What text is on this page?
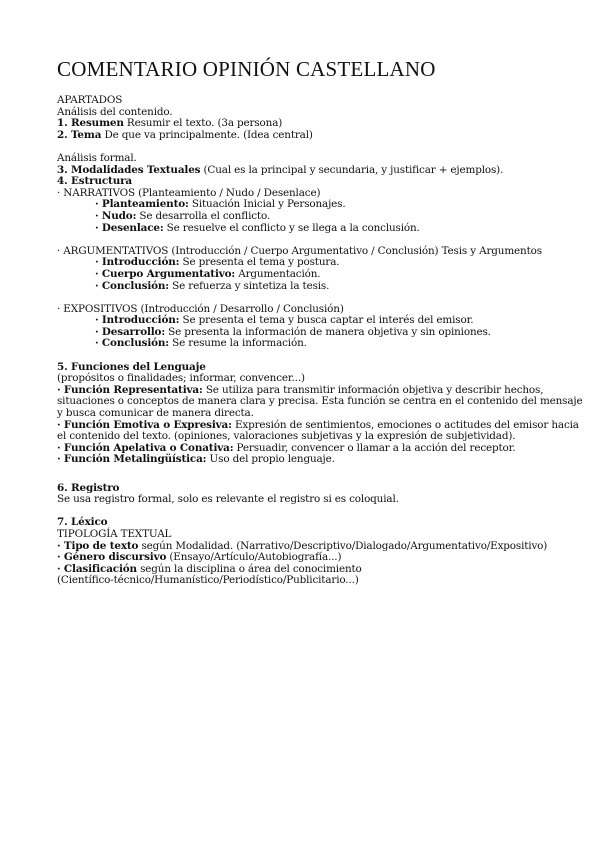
COMENTARIO OPINIÓN CASTELLANO
APARTADOS
Análisis del contenido.
1. Resumen Resumir el texto. (3a persona)
2. Tema De que va principalmente. (Idea central)
Análisis formal.
3. Modalidades Textuales (Cual es la principal y secundaria, y justificar + ejemplos).
4. Estructura
· NARRATIVOS (Planteamiento / Nudo / Desenlace)
· Planteamiento: Situación Inicial y Personajes.
· Nudo: Se desarrolla el conflicto.
· Desenlace: Se resuelve el conflicto y se llega a la conclusión.
· ARGUMENTATIVOS (Introducción / Cuerpo Argumentativo / Conclusión) Tesis y Argumentos
· Introducción: Se presenta el tema y postura.
· Cuerpo Argumentativo: Argumentación.
· Conclusión: Se refuerza y sintetiza la tesis.
· EXPOSITIVOS (Introducción / Desarrollo / Conclusión)
· Introducción: Se presenta el tema y busca captar el interés del emisor.
· Desarrollo: Se presenta la información de manera objetiva y sin opiniones.
· Conclusión: Se resume la información.
5. Funciones del Lenguaje
(propósitos o finalidades; informar, convencer...)
· Función Representativa: Se utiliza para transmitir información objetiva y describir hechos, situaciones o conceptos de manera clara y precisa. Esta función se centra en el contenido del mensaje y busca comunicar de manera directa.
· Función Emotiva o Expresiva: Expresión de sentimientos, emociones o actitudes del emisor hacia el contenido del texto. (opiniones, valoraciones subjetivas y la expresión de subjetividad).
· Función Apelativa o Conativa: Persuadir, convencer o llamar a la acción del receptor.
· Función Metalingüística: Uso del propio lenguaje.
6. Registro
Se usa registro formal, solo es relevante el registro si es coloquial.
7. Léxico
TIPOLOGÍA TEXTUAL
· Tipo de texto según Modalidad. (Narrativo/Descriptivo/Dialogado/Argumentativo/Expositivo)
· Género discursivo (Ensayo/Artículo/Autobiografía...)
· Clasificación según la disciplina o área del conocimiento
(Científico-técnico/Humanístico/Periodístico/Publicitario...)
